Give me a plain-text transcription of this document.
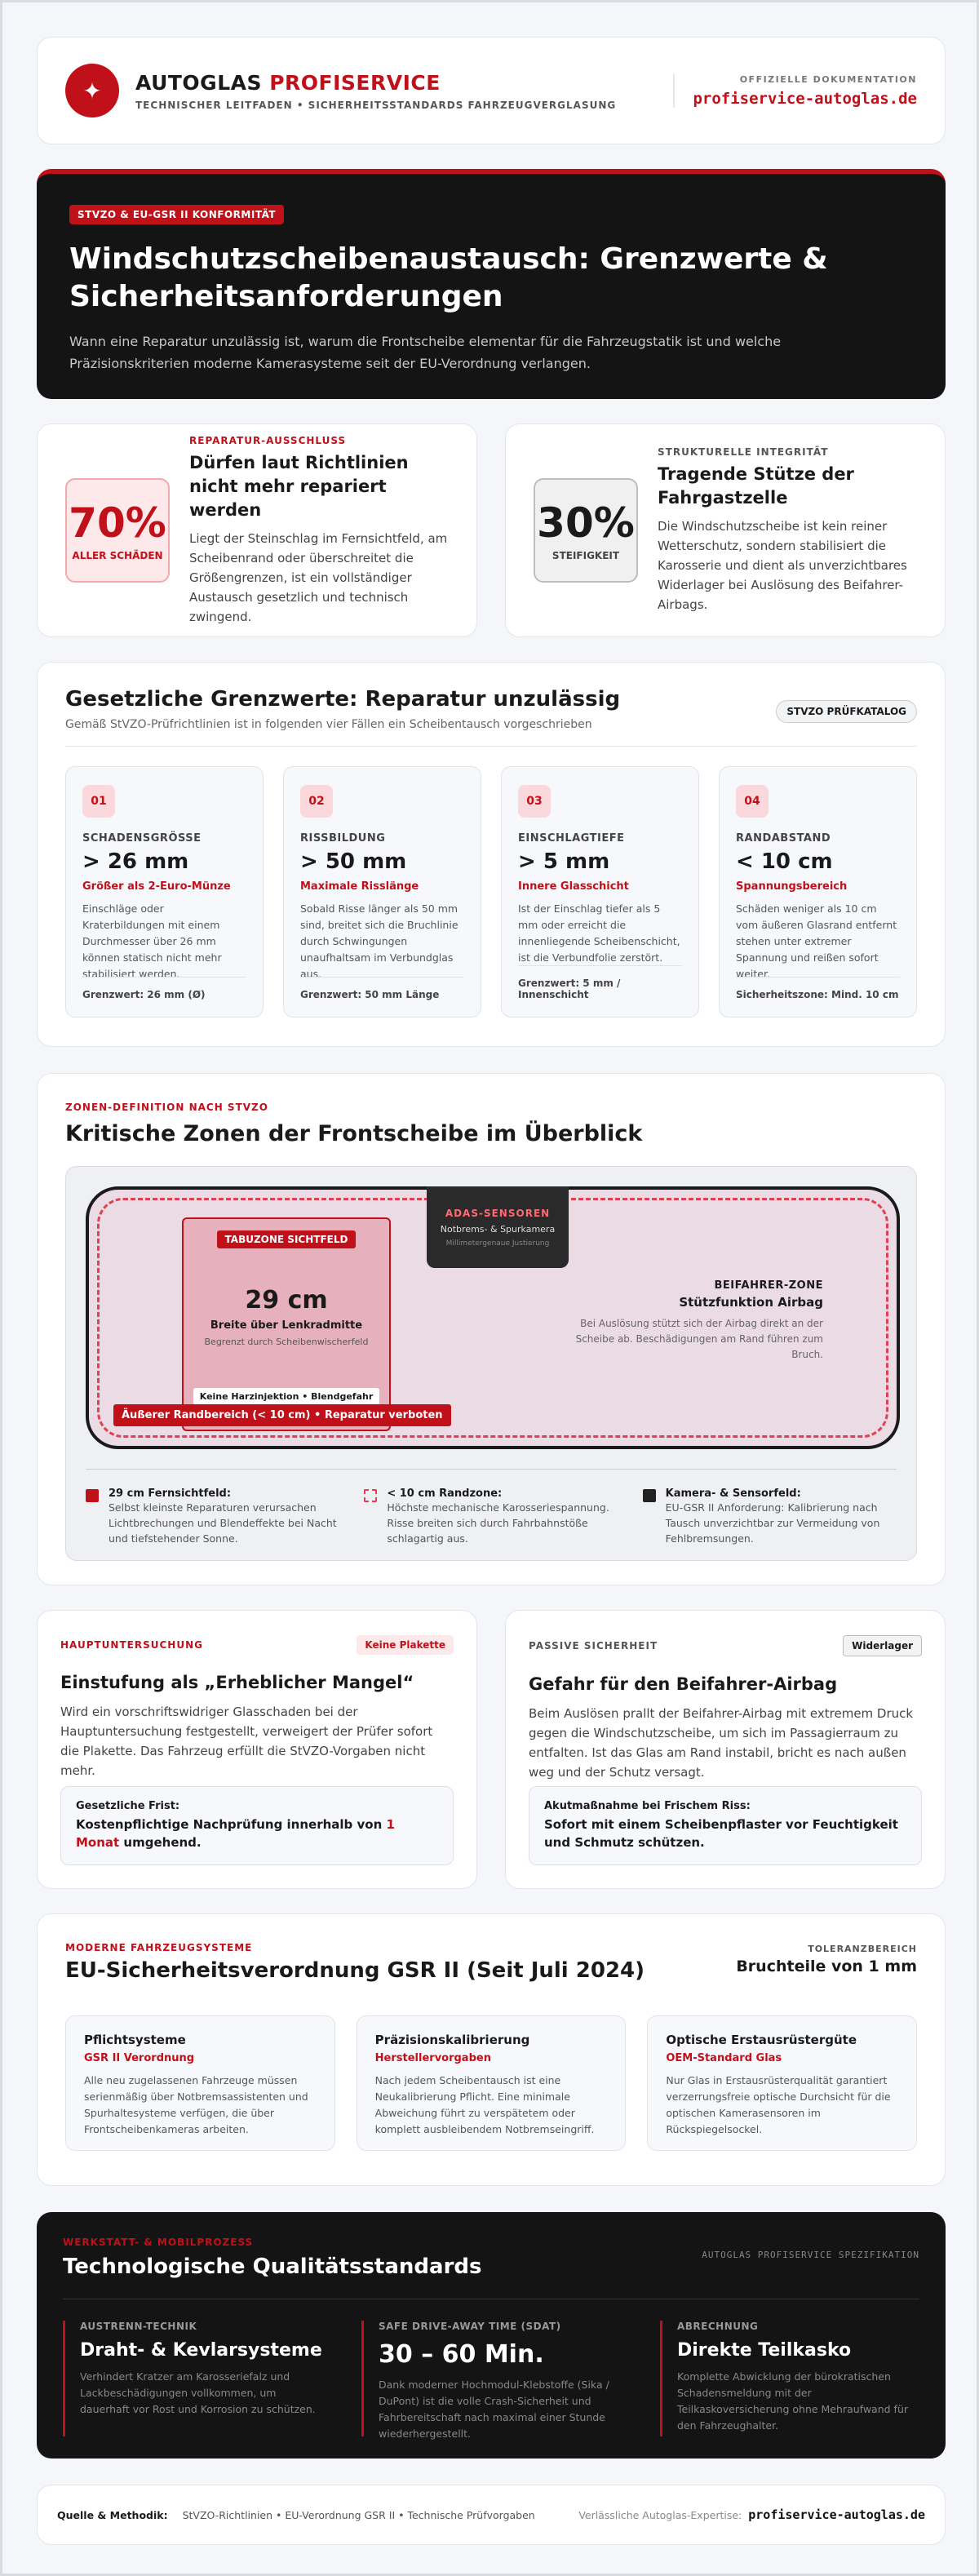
✦ AUTOGLAS PROFISERVICE
TECHNISCHER LEITFADEN • SICHERHEITSSTANDARDS FAHRZEUGVERGLASUNG
OFFIZIELLE DOKUMENTATION
profiservice-autoglas.de
STVZO & EU-GSR II KONFORMITÄT
Windschutzscheibenaustausch: Grenzwerte & Sicherheitsanforderungen

Wann eine Reparatur unzulässig ist, warum die Frontscheibe elementar für die Fahrzeugstatik ist und welche Präzisionskriterien moderne Kamerasysteme seit der EU-Verordnung verlangen.

70%
ALLER SCHÄDEN
REPARATUR-AUSSCHLUSS
Dürfen laut Richtlinien nicht mehr repariert werden

Liegt der Steinschlag im Fernsichtfeld, am Scheibenrand oder überschreitet die Größengrenzen, ist ein vollständiger Austausch gesetzlich und technisch zwingend.

30%
STEIFIGKEIT
STRUKTURELLE INTEGRITÄT
Tragende Stütze der Fahrgastzelle

Die Windschutzscheibe ist kein reiner Wetterschutz, sondern stabilisiert die Karosserie und dient als unverzichtbares Widerlager bei Auslösung des Beifahrer-Airbags.

Gesetzliche Grenzwerte: Reparatur unzulässig
Gemäß StVZO-Prüfrichtlinien ist in folgenden vier Fällen ein Scheibentausch vorgeschrieben
STVZO PRÜFKATALOG
01
SCHADENSGRÖSSE
> 26 mm
Größer als 2-Euro-Münze
Einschläge oder Kraterbildungen mit einem Durchmesser über 26 mm können statisch nicht mehr stabilisiert werden.
Grenzwert: 26 mm (Ø)
02
RISSBILDUNG
> 50 mm
Maximale Risslänge
Sobald Risse länger als 50 mm sind, breitet sich die Bruchlinie durch Schwingungen unaufhaltsam im Verbundglas aus.
Grenzwert: 50 mm Länge
03
EINSCHLAGTIEFE
> 5 mm
Innere Glasschicht
Ist der Einschlag tiefer als 5 mm oder erreicht die innenliegende Scheibenschicht, ist die Verbundfolie zerstört.
Grenzwert: 5 mm / Innenschicht
04
RANDABSTAND
< 10 cm
Spannungsbereich
Schäden weniger als 10 cm vom äußeren Glasrand entfernt stehen unter extremer Spannung und reißen sofort weiter.
Sicherheitszone: Mind. 10 cm
ZONEN-DEFINITION NACH STVZO
Kritische Zonen der Frontscheibe im Überblick
TABUZONE SICHTFELD
29 cm
Breite über Lenkradmitte
Begrenzt durch Scheibenwischerfeld
Keine Harzinjektion • Blendgefahr
ADAS-SENSOREN
Notbrems- & Spurkamera
Millimetergenaue Justierung
BEIFAHRER-ZONE
Stützfunktion Airbag
Bei Auslösung stützt sich der Airbag direkt an der Scheibe ab. Beschädigungen am Rand führen zum Bruch.
Äußerer Randbereich (< 10 cm) • Reparatur verboten
29 cm Fernsichtfeld:
Selbst kleinste Reparaturen verursachen Lichtbrechungen und Blendeffekte bei Nacht und tiefstehender Sonne.
< 10 cm Randzone:
Höchste mechanische Karosseriespannung. Risse breiten sich durch Fahrbahnstöße schlagartig aus.
Kamera- & Sensorfeld:
EU-GSR II Anforderung: Kalibrierung nach Tausch unverzichtbar zur Vermeidung von Fehlbremsungen.
HAUPTUNTERSUCHUNG	Keine Plakette
Einstufung als „Erheblicher Mangel“

Wird ein vorschriftswidriger Glasschaden bei der Hauptuntersuchung festgestellt, verweigert der Prüfer sofort die Plakette. Das Fahrzeug erfüllt die StVZO-Vorgaben nicht mehr.

Gesetzliche Frist:
Kostenpflichtige Nachprüfung innerhalb von 1 Monat umgehend.
PASSIVE SICHERHEIT	Widerlager
Gefahr für den Beifahrer-Airbag

Beim Auslösen prallt der Beifahrer-Airbag mit extremem Druck gegen die Windschutzscheibe, um sich im Passagierraum zu entfalten. Ist das Glas am Rand instabil, bricht es nach außen weg und der Schutz versagt.

Akutmaßnahme bei Frischem Riss:
Sofort mit einem Scheibenpflaster vor Feuchtigkeit und Schmutz schützen.
MODERNE FAHRZEUGSYSTEME
EU-Sicherheitsverordnung GSR II (Seit Juli 2024)
TOLERANZBEREICH
Bruchteile von 1 mm
Pflichtsysteme
GSR II Verordnung
Alle neu zugelassenen Fahrzeuge müssen serienmäßig über Notbremsassistenten und Spurhaltesysteme verfügen, die über Frontscheibenkameras arbeiten.
Präzisionskalibrierung
Herstellervorgaben
Nach jedem Scheibentausch ist eine Neukalibrierung Pflicht. Eine minimale Abweichung führt zu verspätetem oder komplett ausbleibendem Notbremseingriff.
Optische Erstausrüstergüte
OEM-Standard Glas
Nur Glas in Erstausrüsterqualität garantiert verzerrungsfreie optische Durchsicht für die optischen Kamerasensoren im Rückspiegelsockel.
WERKSTATT- & MOBILPROZESS
Technologische Qualitätsstandards	AUTOGLAS PROFISERVICE SPEZIFIKATION
AUSTRENN-TECHNIK
Draht- & Kevlarsysteme
Verhindert Kratzer am Karosseriefalz und Lackbeschädigungen vollkommen, um dauerhaft vor Rost und Korrosion zu schützen.
SAFE DRIVE-AWAY TIME (SDAT)
30 – 60 Min.
Dank moderner Hochmodul-Klebstoffe (Sika / DuPont) ist die volle Crash-Sicherheit und Fahrbereitschaft nach maximal einer Stunde wiederhergestellt.
ABRECHNUNG
Direkte Teilkasko
Komplette Abwicklung der bürokratischen Schadensmeldung mit der Teilkaskoversicherung ohne Mehraufwand für den Fahrzeughalter.
Quelle & Methodik: StVZO-Richtlinien • EU-Verordnung GSR II • Technische Prüfvorgaben	Verlässliche Autoglas-Expertise: profiservice-autoglas.de
